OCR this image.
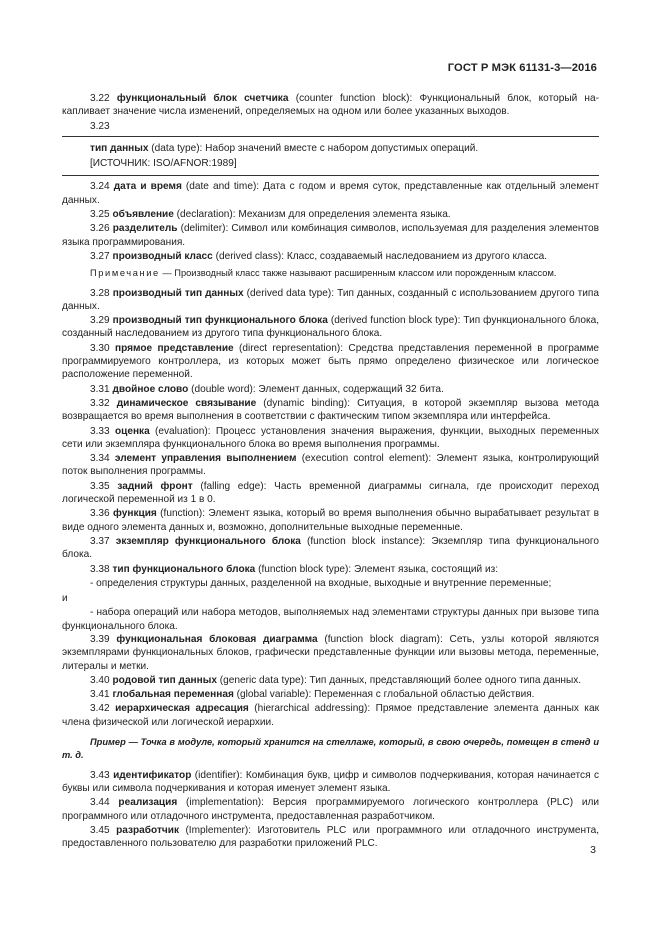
ГОСТ Р МЭК 61131-3—2016

3.22 функциональный блок счетчика (counter function block): Функциональный блок, который накапливает значение числа изменений, определяемых на одном или более указанных выходов.

3.23

тип данных (data type): Набор значений вместе с набором допустимых операций.
[ИСТОЧНИК: ISO/AFNOR:1989]

3.24 дата и время (date and time): Дата с годом и время суток, представленные как отдельный элемент данных.

3.25 объявление (declaration): Механизм для определения элемента языка.

3.26 разделитель (delimiter): Символ или комбинация символов, используемая для разделения элементов языка программирования.

3.27 производный класс (derived class): Класс, создаваемый наследованием из другого класса.

Примечание — Производный класс также называют расширенным классом или порожденным классом.

3.28 производный тип данных (derived data type): Тип данных, созданный с использованием другого типа данных.

3.29 производный тип функционального блока (derived function block type): Тип функционального блока, созданный наследованием из другого типа функционального блока.

3.30 прямое представление (direct representation): Средства представления переменной в программе программируемого контроллера, из которых может быть прямо определено физическое или логическое расположение переменной.

3.31 двойное слово (double word): Элемент данных, содержащий 32 бита.

3.32 динамическое связывание (dynamic binding): Ситуация, в которой экземпляр вызова метода возвращается во время выполнения в соответствии с фактическим типом экземпляра или интерфейса.

3.33 оценка (evaluation): Процесс установления значения выражения, функции, выходных переменных сети или экземпляра функционального блока во время выполнения программы.

3.34 элемент управления выполнением (execution control element): Элемент языка, контролирующий поток выполнения программы.

3.35 задний фронт (falling edge): Часть временной диаграммы сигнала, где происходит переход логической переменной из 1 в 0.

3.36 функция (function): Элемент языка, который во время выполнения обычно вырабатывает результат в виде одного элемента данных и, возможно, дополнительные выходные переменные.

3.37 экземпляр функционального блока (function block instance): Экземпляр типа функционального блока.

3.38 тип функционального блока (function block type): Элемент языка, состоящий из:

- определения структуры данных, разделенной на входные, выходные и внутренние переменные;

и

- набора операций или набора методов, выполняемых над элементами структуры данных при вызове типа функционального блока.

3.39 функциональная блоковая диаграмма (function block diagram): Сеть, узлы которой являются экземплярами функциональных блоков, графически представленные функции или вызовы метода, переменные, литералы и метки.

3.40 родовой тип данных (generic data type): Тип данных, представляющий более одного типа данных.

3.41 глобальная переменная (global variable): Переменная с глобальной областью действия.

3.42 иерархическая адресация (hierarchical addressing): Прямое представление элемента данных как члена физической или логической иерархии.

Пример — Точка в модуле, который хранится на стеллаже, который, в свою очередь, помещен в стенд и т. д.

3.43 идентификатор (identifier): Комбинация букв, цифр и символов подчеркивания, которая начинается с буквы или символа подчеркивания и которая именует элемент языка.

3.44 реализация (implementation): Версия программируемого логического контроллера (PLC) или программного или отладочного инструмента, предоставленная разработчиком.

3.45 разработчик (Implementer): Изготовитель PLC или программного или отладочного инструмента, предоставленного пользователю для разработки приложений PLC.

3
